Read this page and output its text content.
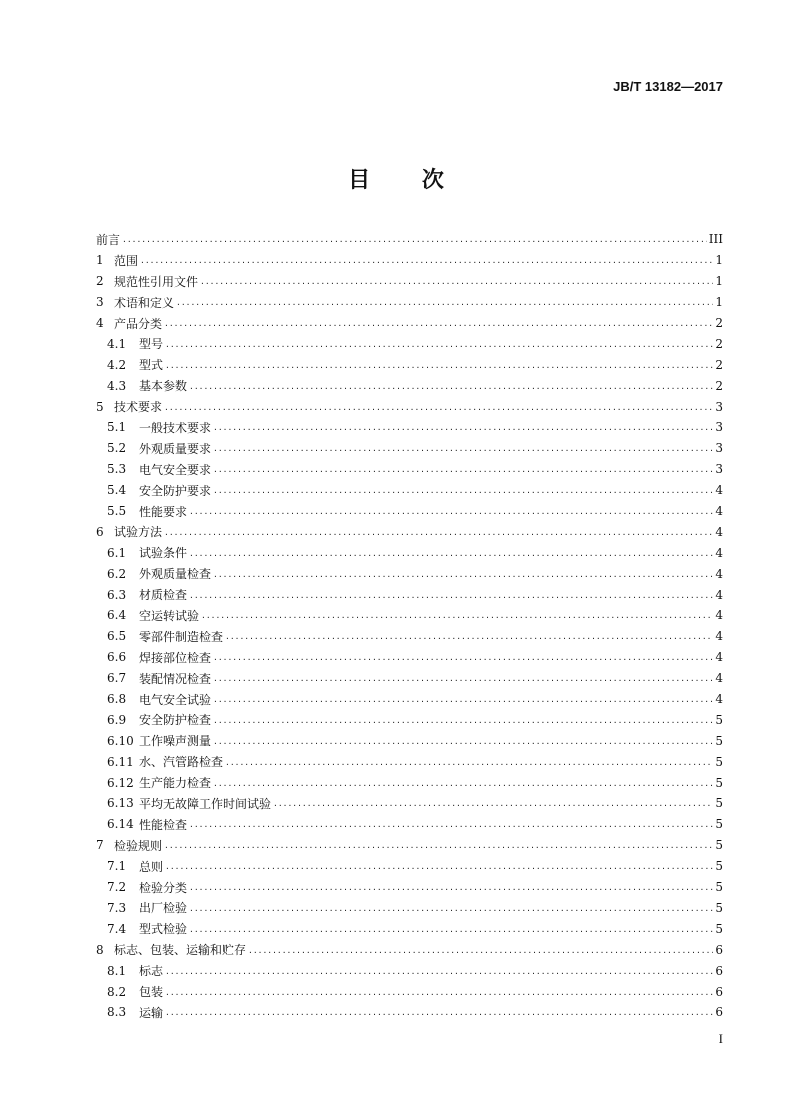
JB/T 13182—2017
目 次
前言 .....	III
1 范围 .....	1
2 规范性引用文件 .....	1
3 术语和定义 .....	1
4 产品分类 .....	2
4.1	型号 .....	2
4.2	型式 .....	2
4.3	基本参数 .....	2
5 技术要求 .....	3
5.1	一般技术要求 .....	3
5.2	外观质量要求 .....	3
5.3	电气安全要求 .....	3
5.4	安全防护要求 .....	4
5.5	性能要求 .....	4
6 试验方法 .....	4
6.1	试验条件 .....	4
6.2	外观质量检查 .....	4
6.3	材质检查 .....	4
6.4	空运转试验 .....	4
6.5	零部件制造检查 .....	4
6.6	焊接部位检查 .....	4
6.7	装配情况检查 .....	4
6.8	电气安全试验 .....	4
6.9	安全防护检查 .....	5
6.10 工作噪声测量 .....	5
6.11 水、汽管路检查 .....	5
6.12 生产能力检查 .....	5
6.13 平均无故障工作时间试验 .....	5
6.14 性能检查 .....	5
7 检验规则 .....	5
7.1	总则 .....	5
7.2	检验分类 .....	5
7.3	出厂检验 .....	5
7.4	型式检验 .....	5
8 标志、包装、运输和贮存 .....	6
8.1	标志 .....	6
8.2	包装 .....	6
8.3	运输 .....	6
I
